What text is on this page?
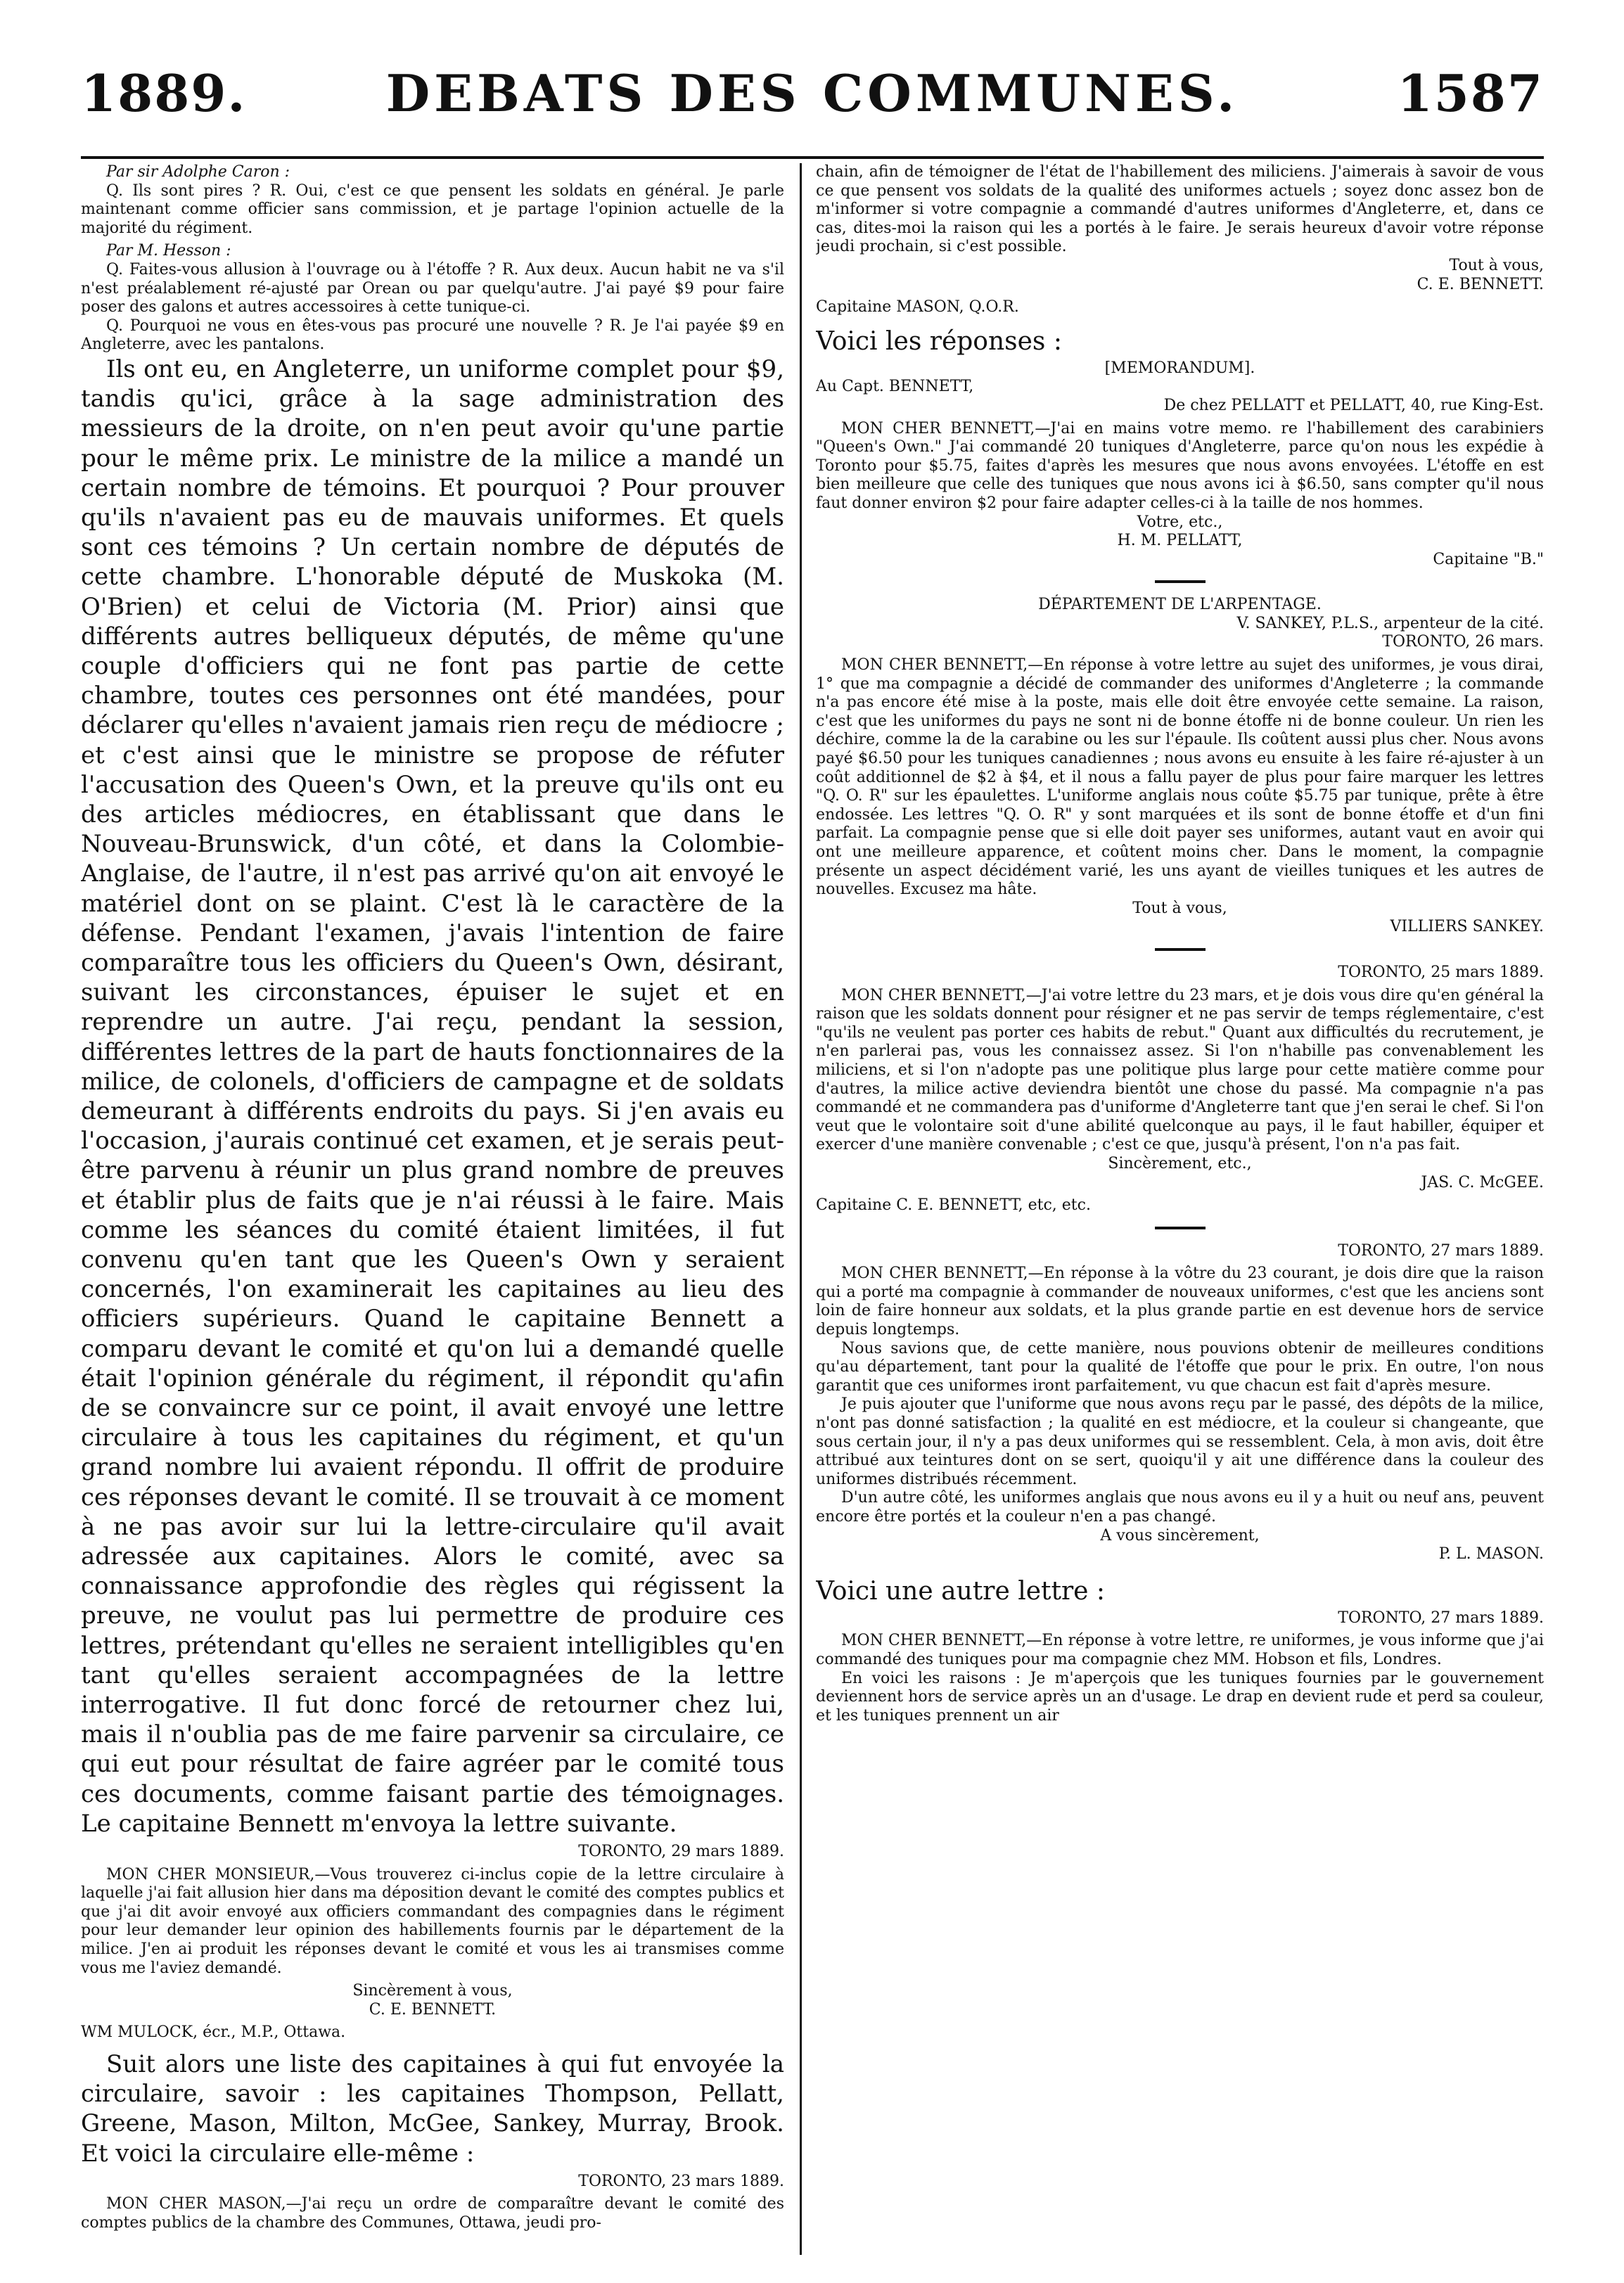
1889.	DEBATS DES COMMUNES.	1587

Par sir Adolphe Caron :

Q. Ils sont pires ? R. Oui, c'est ce que pensent les soldats en général. Je parle maintenant comme officier sans commission, et je partage l'opinion actuelle de la majorité du régiment.

Par M. Hesson :

Q. Faites-vous allusion à l'ouvrage ou à l'étoffe ? R. Aux deux. Aucun habit ne va s'il n'est préalablement ré-ajusté par Orean ou par quelqu'autre. J'ai payé $9 pour faire poser des galons et autres accessoires à cette tunique-ci.

Q. Pourquoi ne vous en êtes-vous pas procuré une nouvelle ? R. Je l'ai payée $9 en Angleterre, avec les pantalons.

Ils ont eu, en Angleterre, un uniforme complet pour $9, tandis qu'ici, grâce à la sage administration des messieurs de la droite, on n'en peut avoir qu'une partie pour le même prix. Le ministre de la milice a mandé un certain nombre de témoins. Et pourquoi ? Pour prouver qu'ils n'avaient pas eu de mauvais uniformes. Et quels sont ces témoins ? Un certain nombre de députés de cette chambre. L'honorable député de Muskoka (M. O'Brien) et celui de Victoria (M. Prior) ainsi que différents autres belliqueux députés, de même qu'une couple d'officiers qui ne font pas partie de cette chambre, toutes ces personnes ont été mandées, pour déclarer qu'elles n'avaient jamais rien reçu de médiocre ; et c'est ainsi que le ministre se propose de réfuter l'accusation des Queen's Own, et la preuve qu'ils ont eu des articles médiocres, en établissant que dans le Nouveau-Brunswick, d'un côté, et dans la Colombie-Anglaise, de l'autre, il n'est pas arrivé qu'on ait envoyé le matériel dont on se plaint. C'est là le caractère de la défense. Pendant l'examen, j'avais l'intention de faire comparaître tous les officiers du Queen's Own, désirant, suivant les circonstances, épuiser le sujet et en reprendre un autre. J'ai reçu, pendant la session, différentes lettres de la part de hauts fonctionnaires de la milice, de colonels, d'officiers de campagne et de soldats demeurant à différents endroits du pays. Si j'en avais eu l'occasion, j'aurais continué cet examen, et je serais peut-être parvenu à réunir un plus grand nombre de preuves et établir plus de faits que je n'ai réussi à le faire. Mais comme les séances du comité étaient limitées, il fut convenu qu'en tant que les Queen's Own y seraient concernés, l'on examinerait les capitaines au lieu des officiers supérieurs. Quand le capitaine Bennett a comparu devant le comité et qu'on lui a demandé quelle était l'opinion générale du régiment, il répondit qu'afin de se convaincre sur ce point, il avait envoyé une lettre circulaire à tous les capitaines du régiment, et qu'un grand nombre lui avaient répondu. Il offrit de produire ces réponses devant le comité. Il se trouvait à ce moment à ne pas avoir sur lui la lettre-circulaire qu'il avait adressée aux capitaines. Alors le comité, avec sa connaissance approfondie des règles qui régissent la preuve, ne voulut pas lui permettre de produire ces lettres, prétendant qu'elles ne seraient intelligibles qu'en tant qu'elles seraient accompagnées de la lettre interrogative. Il fut donc forcé de retourner chez lui, mais il n'oublia pas de me faire parvenir sa circulaire, ce qui eut pour résultat de faire agréer par le comité tous ces documents, comme faisant partie des témoignages. Le capitaine Bennett m'envoya la lettre suivante.

TORONTO, 29 mars 1889.

MON CHER MONSIEUR,—Vous trouverez ci-inclus copie de la lettre circulaire à laquelle j'ai fait allusion hier dans ma déposition devant le comité des comptes publics et que j'ai dit avoir envoyé aux officiers commandant des compagnies dans le régiment pour leur demander leur opinion des habillements fournis par le département de la milice. J'en ai produit les réponses devant le comité et vous les ai transmises comme vous me l'aviez demandé.

Sincèrement à vous,

C. E. BENNETT.

WM MULOCK, écr., M.P., Ottawa.

Suit alors une liste des capitaines à qui fut envoyée la circulaire, savoir : les capitaines Thompson, Pellatt, Greene, Mason, Milton, McGee, Sankey, Murray, Brook. Et voici la circulaire elle-même :

TORONTO, 23 mars 1889.

MON CHER MASON,—J'ai reçu un ordre de comparaître devant le comité des comptes publics de la chambre des Communes, Ottawa, jeudi pro-

chain, afin de témoigner de l'état de l'habillement des miliciens. J'aimerais à savoir de vous ce que pensent vos soldats de la qualité des uniformes actuels ; soyez donc assez bon de m'informer si votre compagnie a commandé d'autres uniformes d'Angleterre, et, dans ce cas, dites-moi la raison qui les a portés à le faire. Je serais heureux d'avoir votre réponse jeudi prochain, si c'est possible.

Tout à vous,

C. E. BENNETT.

Capitaine MASON, Q.O.R.

Voici les réponses :

[MEMORANDUM].

Au Capt. BENNETT,

De chez PELLATT et PELLATT, 40, rue King-Est.

MON CHER BENNETT,—J'ai en mains votre memo. re l'habillement des carabiniers "Queen's Own." J'ai commandé 20 tuniques d'Angleterre, parce qu'on nous les expédie à Toronto pour $5.75, faites d'après les mesures que nous avons envoyées. L'étoffe en est bien meilleure que celle des tuniques que nous avons ici à $6.50, sans compter qu'il nous faut donner environ $2 pour faire adapter celles-ci à la taille de nos hommes.

Votre, etc.,

H. M. PELLATT,

Capitaine "B."

DÉPARTEMENT DE L'ARPENTAGE.

V. SANKEY, P.L.S., arpenteur de la cité.

TORONTO, 26 mars.

MON CHER BENNETT,—En réponse à votre lettre au sujet des uniformes, je vous dirai, 1° que ma compagnie a décidé de commander des uniformes d'Angleterre ; la commande n'a pas encore été mise à la poste, mais elle doit être envoyée cette semaine. La raison, c'est que les uniformes du pays ne sont ni de bonne étoffe ni de bonne couleur. Un rien les déchire, comme la de la carabine ou les sur l'épaule. Ils coûtent aussi plus cher. Nous avons payé $6.50 pour les tuniques canadiennes ; nous avons eu ensuite à les faire ré-ajuster à un coût additionnel de $2 à $4, et il nous a fallu payer de plus pour faire marquer les lettres "Q. O. R" sur les épaulettes. L'uniforme anglais nous coûte $5.75 par tunique, prête à être endossée. Les lettres "Q. O. R" y sont marquées et ils sont de bonne étoffe et d'un fini parfait. La compagnie pense que si elle doit payer ses uniformes, autant vaut en avoir qui ont une meilleure apparence, et coûtent moins cher. Dans le moment, la compagnie présente un aspect décidément varié, les uns ayant de vieilles tuniques et les autres de nouvelles. Excusez ma hâte.

Tout à vous,

VILLIERS SANKEY.

TORONTO, 25 mars 1889.

MON CHER BENNETT,—J'ai votre lettre du 23 mars, et je dois vous dire qu'en général la raison que les soldats donnent pour résigner et ne pas servir de temps réglementaire, c'est "qu'ils ne veulent pas porter ces habits de rebut." Quant aux difficultés du recrutement, je n'en parlerai pas, vous les connaissez assez. Si l'on n'habille pas convenablement les miliciens, et si l'on n'adopte pas une politique plus large pour cette matière comme pour d'autres, la milice active deviendra bientôt une chose du passé. Ma compagnie n'a pas commandé et ne commandera pas d'uniforme d'Angleterre tant que j'en serai le chef. Si l'on veut que le volontaire soit d'une abilité quelconque au pays, il le faut habiller, équiper et exercer d'une manière convenable ; c'est ce que, jusqu'à présent, l'on n'a pas fait.

Sincèrement, etc.,

JAS. C. McGEE.

Capitaine C. E. BENNETT, etc, etc.

TORONTO, 27 mars 1889.

MON CHER BENNETT,—En réponse à la vôtre du 23 courant, je dois dire que la raison qui a porté ma compagnie à commander de nouveaux uniformes, c'est que les anciens sont loin de faire honneur aux soldats, et la plus grande partie en est devenue hors de service depuis longtemps.

Nous savions que, de cette manière, nous pouvions obtenir de meilleures conditions qu'au département, tant pour la qualité de l'étoffe que pour le prix. En outre, l'on nous garantit que ces uniformes iront parfaitement, vu que chacun est fait d'après mesure.

Je puis ajouter que l'uniforme que nous avons reçu par le passé, des dépôts de la milice, n'ont pas donné satisfaction ; la qualité en est médiocre, et la couleur si changeante, que sous certain jour, il n'y a pas deux uniformes qui se ressemblent. Cela, à mon avis, doit être attribué aux teintures dont on se sert, quoiqu'il y ait une différence dans la couleur des uniformes distribués récemment.

D'un autre côté, les uniformes anglais que nous avons eu il y a huit ou neuf ans, peuvent encore être portés et la couleur n'en a pas changé.

A vous sincèrement,

P. L. MASON.

Voici une autre lettre :

TORONTO, 27 mars 1889.

MON CHER BENNETT,—En réponse à votre lettre, re uniformes, je vous informe que j'ai commandé des tuniques pour ma compagnie chez MM. Hobson et fils, Londres.

En voici les raisons : Je m'aperçois que les tuniques fournies par le gouvernement deviennent hors de service après un an d'usage. Le drap en devient rude et perd sa couleur, et les tuniques prennent un air
